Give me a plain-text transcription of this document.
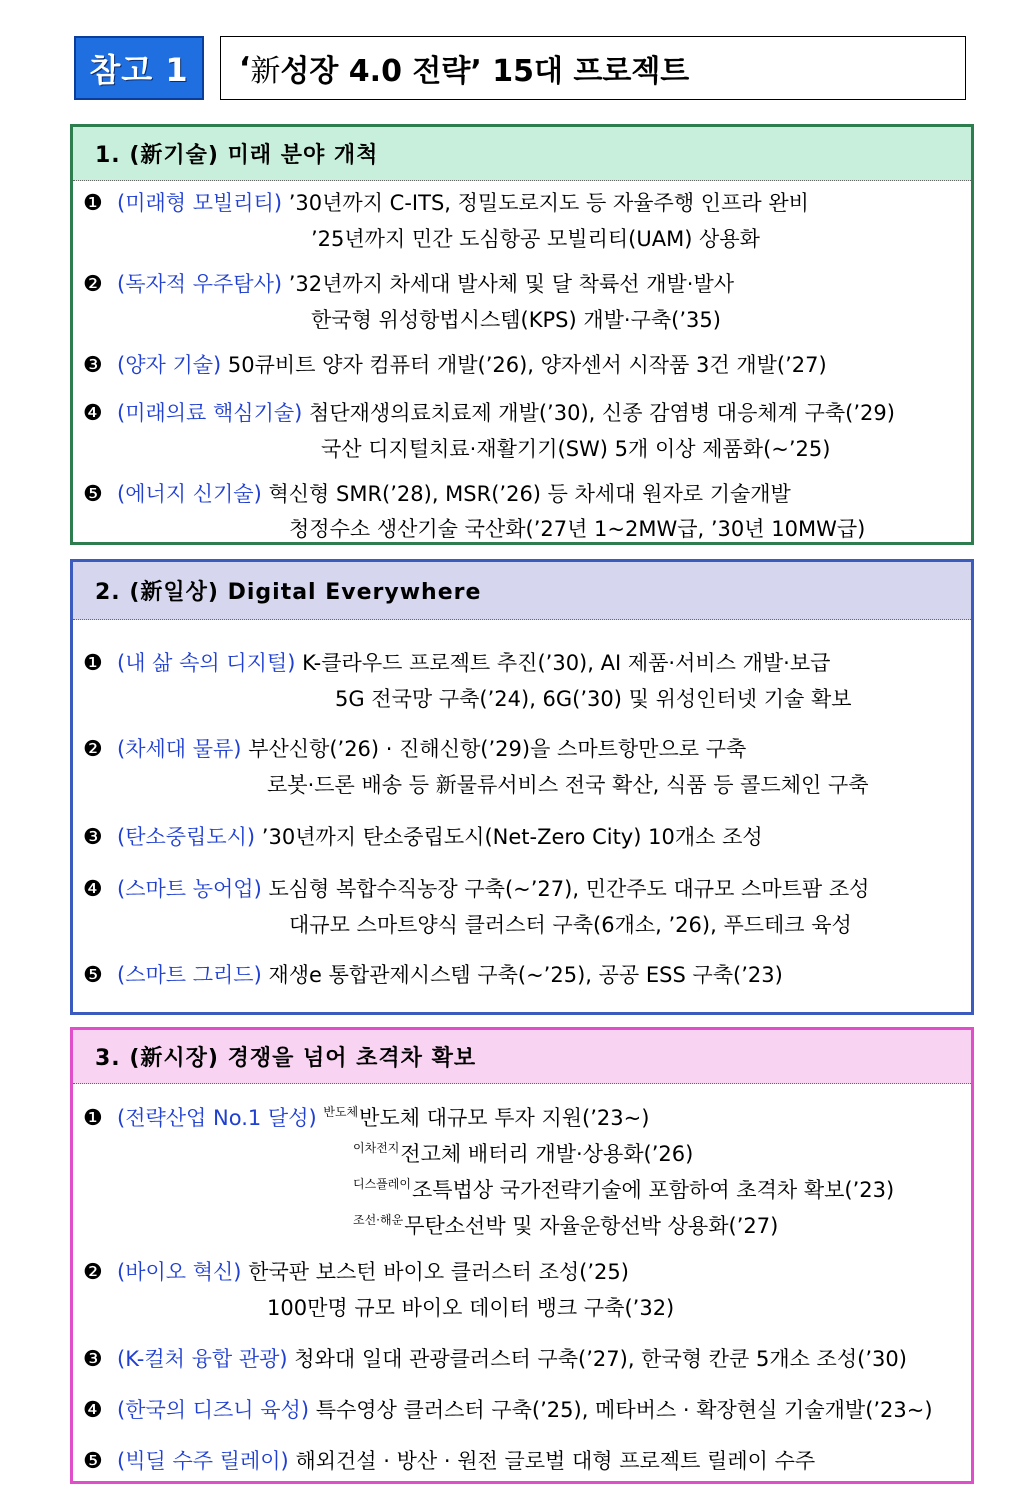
참고 1	‘ 新 성장 4.0 전략’ 15대 프로젝트
1. (新기술) 미래 분야 개척
❶ (미래형 모빌리티) ’30년까지 C-ITS, 정밀도로지도 등 자율주행 인프라 완비
’25년까지 민간 도심항공 모빌리티(UAM) 상용화
❷ (독자적 우주탐사) ’32년까지 차세대 발사체 및 달 착륙선 개발·발사
한국형 위성항법시스템(KPS) 개발·구축(’35)
❸ (양자 기술) 50큐비트 양자 컴퓨터 개발(’26), 양자센서 시작품 3건 개발(’27)
❹ (미래의료 핵심기술) 첨단재생의료치료제 개발(’30), 신종 감염병 대응체계 구축(’29)
국산 디지털치료·재활기기(SW) 5개 이상 제품화(~’25)
❺ (에너지 신기술) 혁신형 SMR(’28), MSR(’26) 등 차세대 원자로 기술개발
청정수소 생산기술 국산화(’27년 1~2MW급, ’30년 10MW급)
2. (新일상) Digital Everywhere
❶ (내 삶 속의 디지털) K-클라우드 프로젝트 추진(’30), AI 제품·서비스 개발·보급
5G 전국망 구축(’24), 6G(’30) 및 위성인터넷 기술 확보
❷ (차세대 물류) 부산신항(’26) · 진해신항(’29)을 스마트항만으로 구축
로봇·드론 배송 등 新물류서비스 전국 확산, 식품 등 콜드체인 구축
❸ (탄소중립도시) ’30년까지 탄소중립도시(Net-Zero City) 10개소 조성
❹ (스마트 농어업) 도심형 복합수직농장 구축(~’27), 민간주도 대규모 스마트팜 조성
대규모 스마트양식 클러스터 구축(6개소, ’26), 푸드테크 육성
❺ (스마트 그리드) 재생e 통합관제시스템 구축(~’25), 공공 ESS 구축(’23)
3. (新시장) 경쟁을 넘어 초격차 확보
❶ (전략산업 No.1 달성) $^{반도체}$반도체 대규모 투자 지원(’23~)
$^{이차전지}$전고체 배터리 개발·상용화(’26)
$^{디스플레이}$조특법상 국가전략기술에 포함하여 초격차 확보(’23)
$^{조선\cdot 해운}$무탄소선박 및 자율운항선박 상용화(’27)
❷ (바이오 혁신) 한국판 보스턴 바이오 클러스터 조성(’25)
100만명 규모 바이오 데이터 뱅크 구축(’32)
❸ (K-컬처 융합 관광) 청와대 일대 관광클러스터 구축(’27), 한국형 칸쿤 5개소 조성(’30)
❹ (한국의 디즈니 육성) 특수영상 클러스터 구축(’25), 메타버스 · 확장현실 기술개발(’23~)
❺ (빅딜 수주 릴레이) 해외건설 · 방산 · 원전 글로벌 대형 프로젝트 릴레이 수주
